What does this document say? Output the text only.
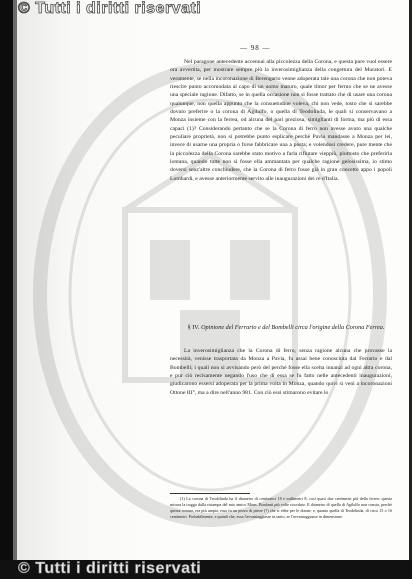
© Tutti i diritti riservati
© Tutti i diritti riservati
— 98 —

Nel paragone antecedente accennai alla piccolezza della Corona, e questa pure vuol essere ora avvertita, per mostrare sempre più la inverosimiglianza della congettura del Muratori. E veramente, se nella incoronazione di Berengario venne adoperata tale una corona che non poteva riescire punto accomodata al capo di un uomo maturo, quale timor per fermo che se ne avesse una speciale ragione. Difatto, se in quella occasione non si fosse trattato che di usare una corona qualunque, non quella appunto che la consuetudine voleva, chi non vede, tosto che si sarebbe dovuto preferire o la corona di Agilulfo, o quella di Teodolinda, le quali si conservavano a Monza insieme con la ferrea, od alcuna del pari preziosa, simiglianti di forma, ma più di essa capaci (1)? Considerando pertanto che se la Corona di ferro non avesse avuto una qualche peculiare proprietà, non si potrebbe punto esplicare perchè Pavia mandasse a Monza per lei, invece di usarne una propria o forse fabbricare una a posta; e volendosi credere, pure mente che la piccolezza della Corona sarebbe stato motivo a farla rifiutare vieppiù, piuttosto che preferirla lontana, quando tutte non si fosse ella ammantata per qualche ragione gelosissima, io stimo doversi senz'altre conchiudere, che la Corona di ferro fosse già in gran concetto appo i popoli Lombardi, e avesse anteriormente servito alle inaugurazioni dei re d'Italia.

§ IV. Opinione del Ferrario e del Bombelli circa l'origine della Corona Ferrea.

La inverosimiglianza che la Corona di ferro, senza ragione alcuna che provasse la necessità, venisse trasportata da Monza a Pavia, fu assai bene conosciuta dal Ferrario e dal Bombelli; i quali non si avvisando però del perchè fosse ella scelta innanzi ad ogni altra corona, e pur ciò recisamente negando l'uso che di essa se fu fatto nelle antecedenti inaugurazioni, giudicarono essersi adoperata per la prima volta in Monza, quando quivi si venì a incoronazioni Ottone III°, ma a dire nell'anno 981. Con ciò essi stimarono evitare lo

(1) La corona di Teodolinda ha il diametro di centimetri 18 e millimetri 8; così quasi due centimetri più della ferrea: questa misura la traggo dalla ristampa del mio amico Mons. Bonfanti più volte ricordato. Il diametro di quella di Agilulfo non consta, perchè questa corona, era più ampia, essa fu un pezzo di pietre (?) che si ebbe per le donne; e, quanto quella di Teodolinda, di circa 15 o 16 centimetri. Probabilmente, e quindi che, essa l'avvantaggiasse in tanto, se l'avvantaggiasse in dimensione.
